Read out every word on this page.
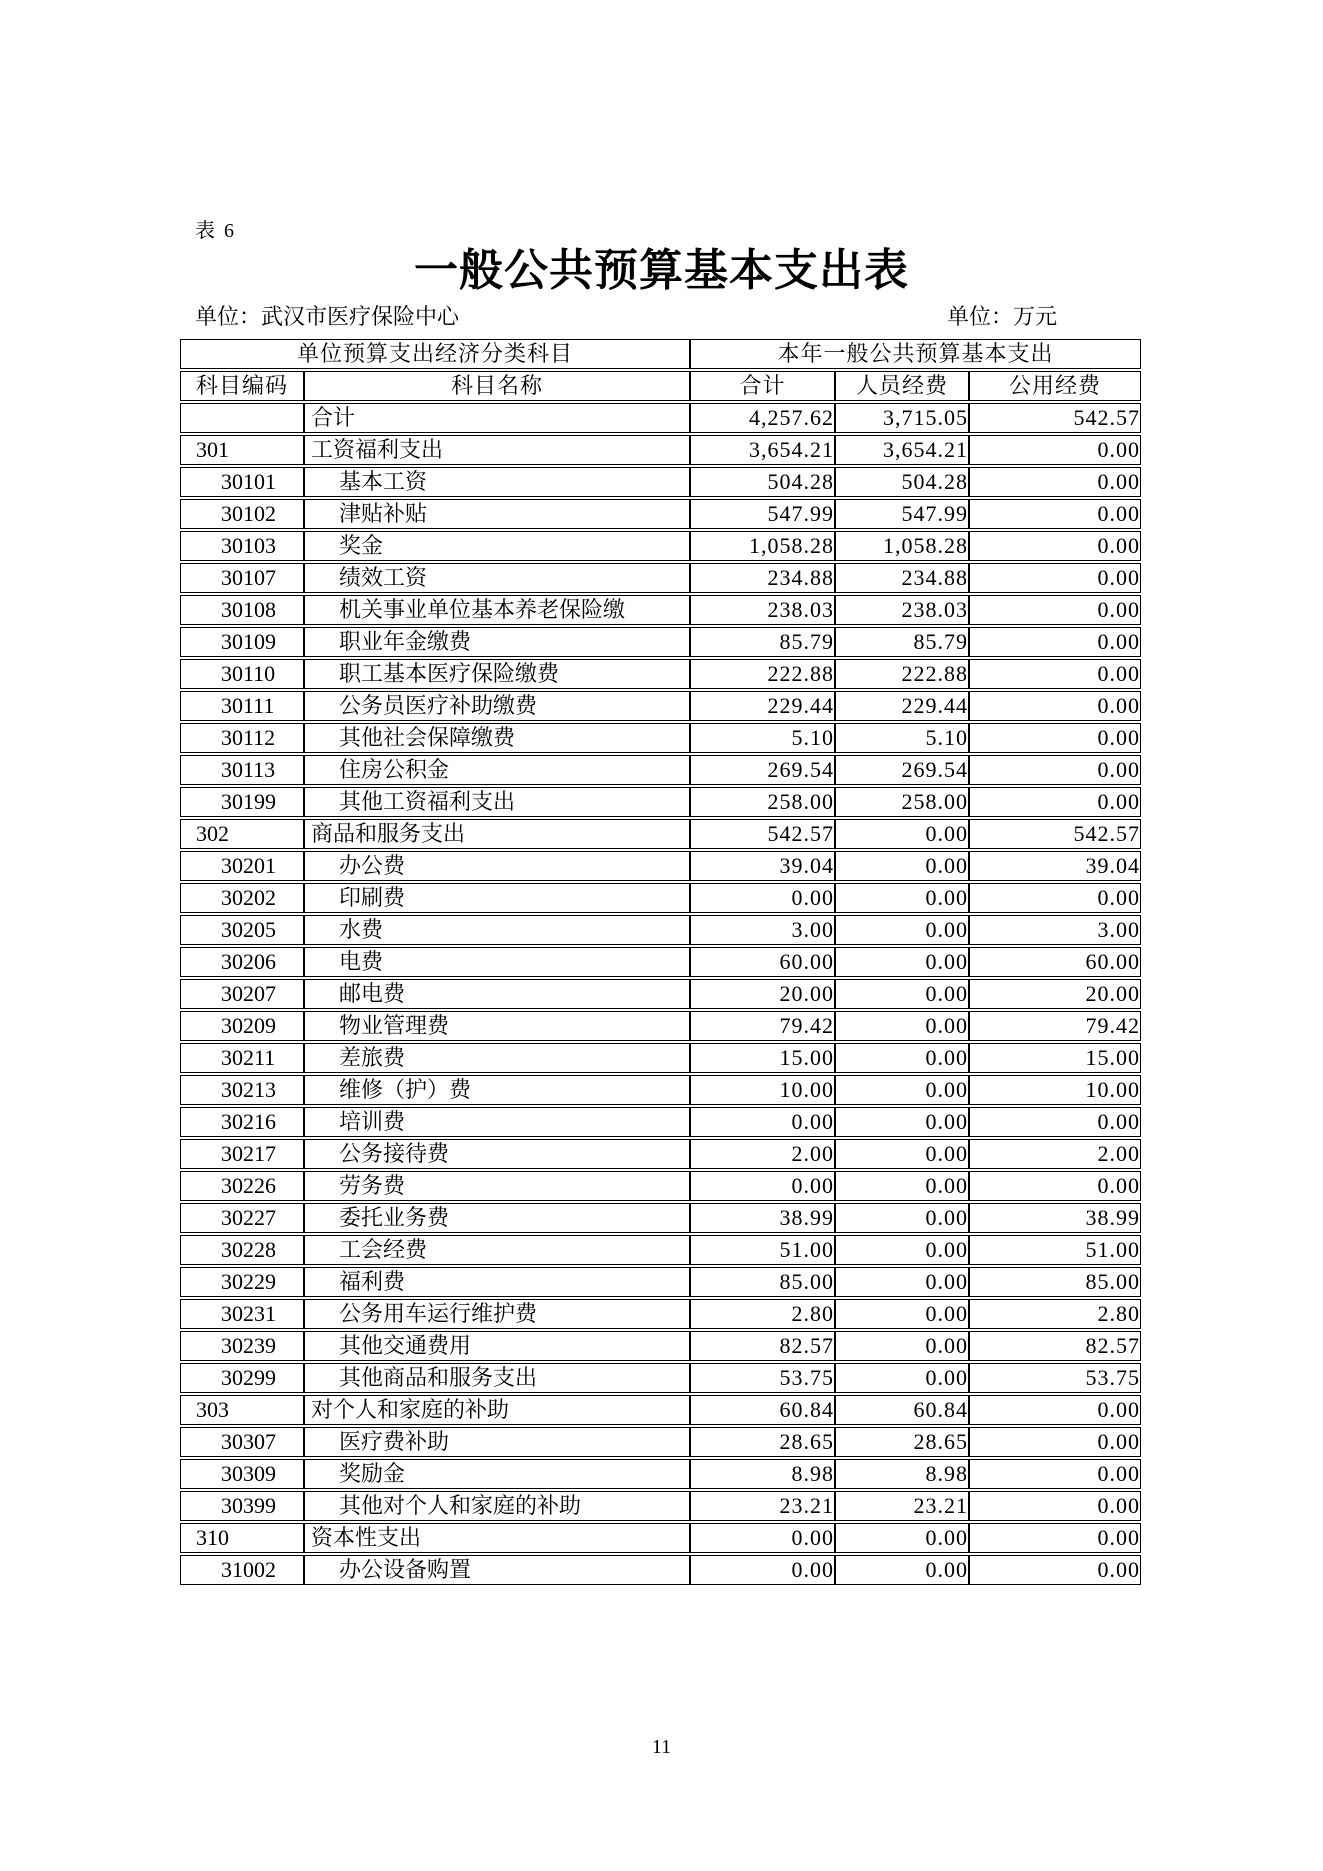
表 6
一般公共预算基本支出表
单位：武汉市医疗保险中心	单位：万元
单位预算支出经济分类科目		本年一般公共预算基本支出		
科目编码	科目名称	合计	人员经费	公用经费
	合计	4,257.62	3,715.05	542.57
301	工资福利支出	3,654.21	3,654.21	0.00
30101	基本工资	504.28	504.28	0.00
30102	津贴补贴	547.99	547.99	0.00
30103	奖金	1,058.28	1,058.28	0.00
30107	绩效工资	234.88	234.88	0.00
30108	机关事业单位基本养老保险缴	238.03	238.03	0.00
30109	职业年金缴费	85.79	85.79	0.00
30110	职工基本医疗保险缴费	222.88	222.88	0.00
30111	公务员医疗补助缴费	229.44	229.44	0.00
30112	其他社会保障缴费	5.10	5.10	0.00
30113	住房公积金	269.54	269.54	0.00
30199	其他工资福利支出	258.00	258.00	0.00
302	商品和服务支出	542.57	0.00	542.57
30201	办公费	39.04	0.00	39.04
30202	印刷费	0.00	0.00	0.00
30205	水费	3.00	0.00	3.00
30206	电费	60.00	0.00	60.00
30207	邮电费	20.00	0.00	20.00
30209	物业管理费	79.42	0.00	79.42
30211	差旅费	15.00	0.00	15.00
30213	维修（护）费	10.00	0.00	10.00
30216	培训费	0.00	0.00	0.00
30217	公务接待费	2.00	0.00	2.00
30226	劳务费	0.00	0.00	0.00
30227	委托业务费	38.99	0.00	38.99
30228	工会经费	51.00	0.00	51.00
30229	福利费	85.00	0.00	85.00
30231	公务用车运行维护费	2.80	0.00	2.80
30239	其他交通费用	82.57	0.00	82.57
30299	其他商品和服务支出	53.75	0.00	53.75
303	对个人和家庭的补助	60.84	60.84	0.00
30307	医疗费补助	28.65	28.65	0.00
30309	奖励金	8.98	8.98	0.00
30399	其他对个人和家庭的补助	23.21	23.21	0.00
310	资本性支出	0.00	0.00	0.00
31002	办公设备购置	0.00	0.00	0.00
11
